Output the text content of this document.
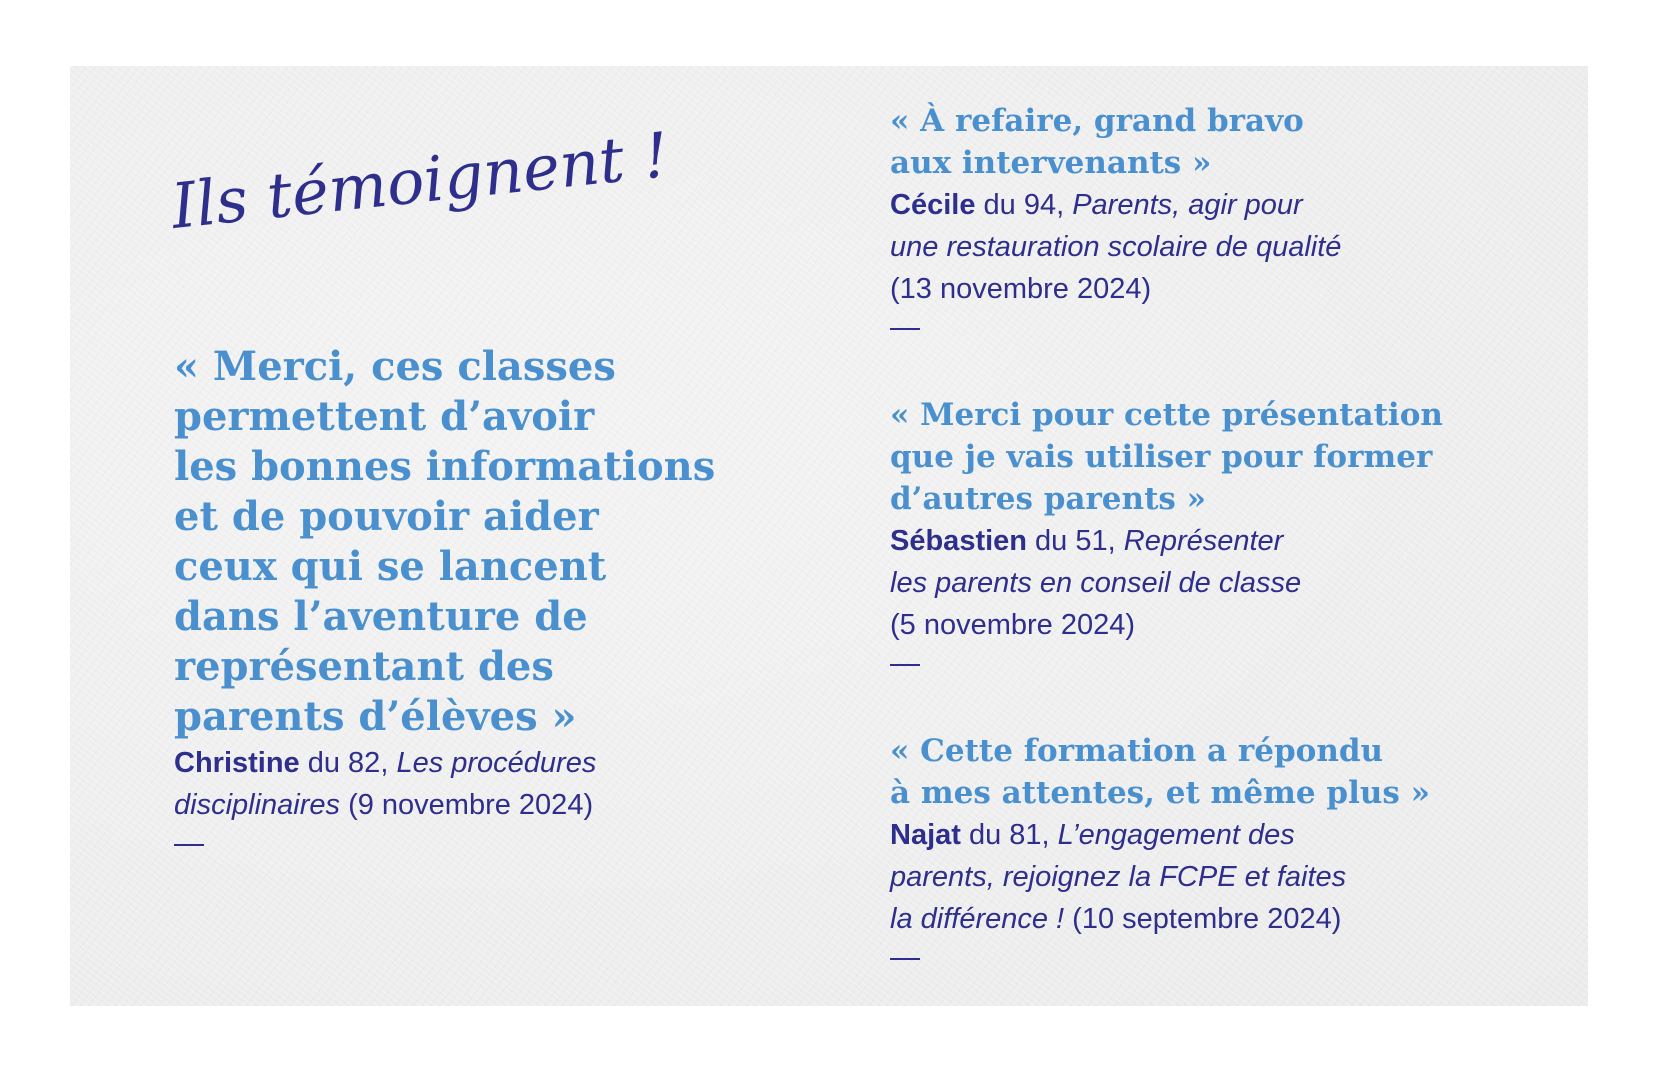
Ils témoignent !

« Merci, ces classes
permettent d’avoir
les bonnes informations
et de pouvoir aider
ceux qui se lancent
dans l’aventure de
représentant des
parents d’élèves »

Christine du 82, Les procédures
disciplinaires (9 novembre 2024)

« À refaire, grand bravo
aux intervenants »

Cécile du 94, Parents, agir pour
une restauration scolaire de qualité
(13 novembre 2024)

« Merci pour cette présentation
que je vais utiliser pour former
d’autres parents »

Sébastien du 51, Représenter
les parents en conseil de classe
(5 novembre 2024)

« Cette formation a répondu
à mes attentes, et même plus »

Najat du 81, L’engagement des
parents, rejoignez la FCPE et faites
la différence ! (10 septembre 2024)
